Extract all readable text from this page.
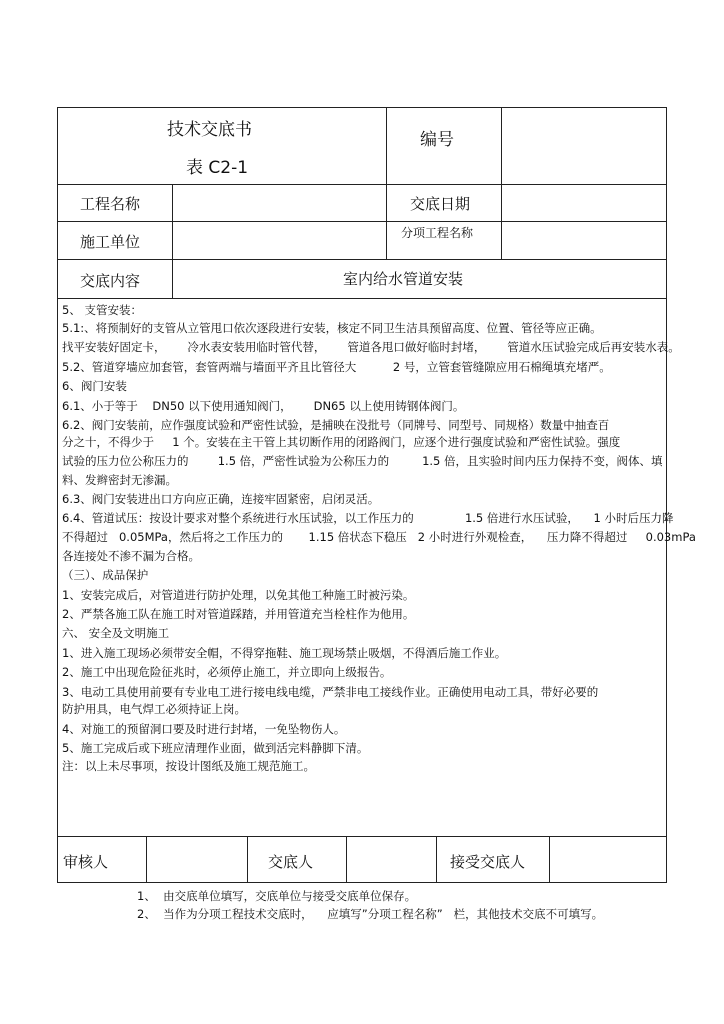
技术交底书
表 C2-1
编号
工程名称	交底日期
施工单位	分项工程名称
交底内容	室内给水管道安装
5、 支管安装：
5.1:、将预制好的支管从立管甩口依次逐段进行安装，核定不同卫生洁具预留高度、位置、管径等应正确。
找平安装好固定卡，      冷水表安装用临时管代替，      管道各甩口做好临时封堵，      管道水压试验完成后再安装水表。
5.2、管道穿墙应加套管，套管两端与墙面平齐且比管径大          2 号，立管套管缝隙应用石棉绳填充堵严。
6、阀门安装
6.1、小于等于    DN50 以下使用通知阀门，      DN65 以上使用铸钢体阀门。
6.2、阀门安装前，应作强度试验和严密性试验，是捕映在没批号（同牌号、同型号、同规格）数量中抽查百
分之十，不得少于     1 个。安装在主干管上其切断作用的闭路阀门，应逐个进行强度试验和严密性试验。强度
试验的压力位公称压力的        1.5 倍，严密性试验为公称压力的         1.5 倍，且实验时间内压力保持不变，阀体、填
料、发辫密封无渗漏。
6.3、阀门安装进出口方向应正确，连接牢固紧密，启闭灵活。
6.4、管道试压：按设计要求对整个系统进行水压试验，以工作压力的              1.5 倍进行水压试验，    1 小时后压力降
不得超过   0.05MPa，然后将之工作压力的       1.15 倍状态下稳压   2 小时进行外观检查，    压力降不得超过     0.03mPa
各连接处不渗不漏为合格。
（三）、成品保护
1、安装完成后，对管道进行防护处理，以免其他工种施工时被污染。
2、严禁各施工队在施工时对管道踩踏，并用管道充当栓柱作为他用。
六、 安全及文明施工
1、进入施工现场必须带安全帽，不得穿拖鞋、施工现场禁止吸烟，不得酒后施工作业。
2、施工中出现危险征兆时，必须停止施工，并立即向上级报告。
3、电动工具使用前要有专业电工进行接电线电缆，严禁非电工接线作业。正确使用电动工具，带好必要的
防护用具，电气焊工必须持证上岗。
4、对施工的预留洞口要及时进行封堵，一免坠物伤人。
5、施工完成后或下班应清理作业面，做到活完料静脚下清。
注：以上未尽事项，按设计图纸及施工规范施工。
审核人	交底人	接受交底人
1、  由交底单位填写，交底单位与接受交底单位保存。
2、  当作为分项工程技术交底时，    应填写”分项工程名称”   栏，其他技术交底不可填写。
